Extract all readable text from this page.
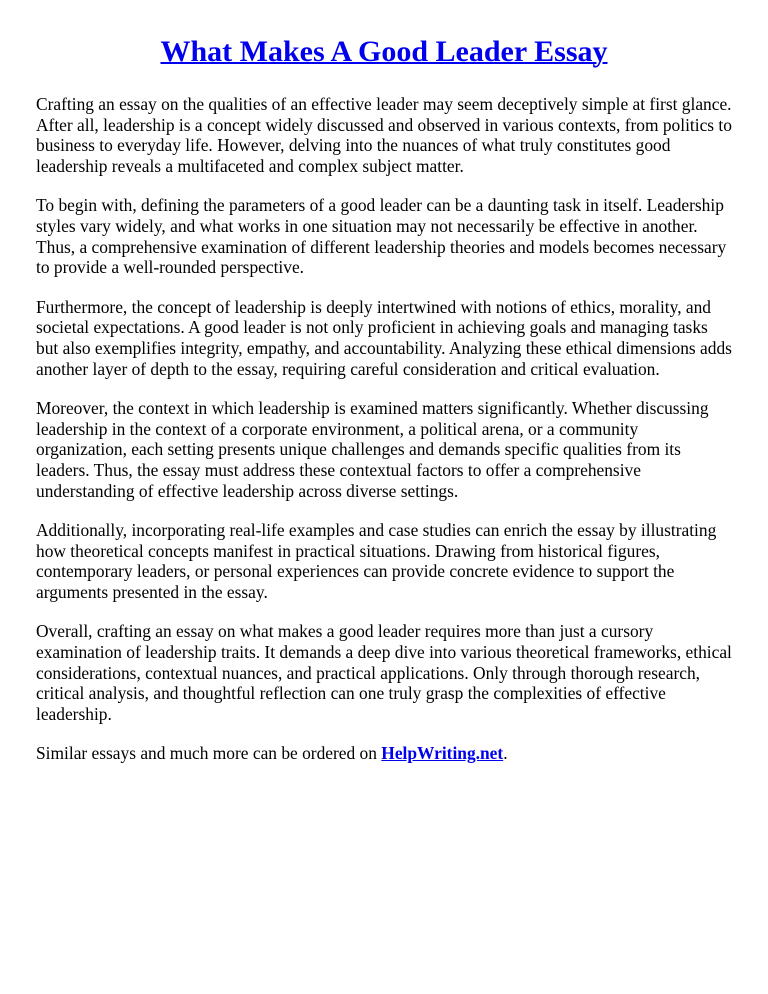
What Makes A Good Leader Essay

Crafting an essay on the qualities of an effective leader may seem deceptively simple at first glance. After all, leadership is a concept widely discussed and observed in various contexts, from politics to business to everyday life. However, delving into the nuances of what truly constitutes good leadership reveals a multifaceted and complex subject matter.

To begin with, defining the parameters of a good leader can be a daunting task in itself. Leadership styles vary widely, and what works in one situation may not necessarily be effective in another. Thus, a comprehensive examination of different leadership theories and models becomes necessary to provide a well-rounded perspective.

Furthermore, the concept of leadership is deeply intertwined with notions of ethics, morality, and societal expectations. A good leader is not only proficient in achieving goals and managing tasks but also exemplifies integrity, empathy, and accountability. Analyzing these ethical dimensions adds another layer of depth to the essay, requiring careful consideration and critical evaluation.

Moreover, the context in which leadership is examined matters significantly. Whether discussing leadership in the context of a corporate environment, a political arena, or a community organization, each setting presents unique challenges and demands specific qualities from its leaders. Thus, the essay must address these contextual factors to offer a comprehensive understanding of effective leadership across diverse settings.

Additionally, incorporating real-life examples and case studies can enrich the essay by illustrating how theoretical concepts manifest in practical situations. Drawing from historical figures, contemporary leaders, or personal experiences can provide concrete evidence to support the arguments presented in the essay.

Overall, crafting an essay on what makes a good leader requires more than just a cursory examination of leadership traits. It demands a deep dive into various theoretical frameworks, ethical considerations, contextual nuances, and practical applications. Only through thorough research, critical analysis, and thoughtful reflection can one truly grasp the complexities of effective leadership.

Similar essays and much more can be ordered on HelpWriting.net.
